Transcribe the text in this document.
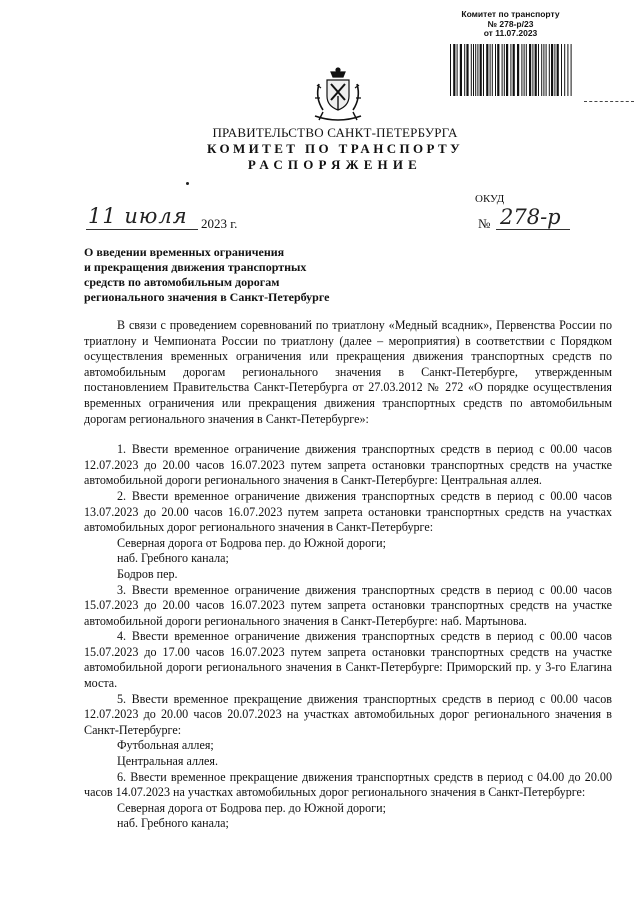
Комитет по транспорту
№ 278-р/23
от 11.07.2023
ПРАВИТЕЛЬСТВО САНКТ-ПЕТЕРБУРГА
КОМИТЕТ ПО ТРАНСПОРТУ
РАСПОРЯЖЕНИЕ
ОКУД
11 июля 2023 г.	№ 278-р
О введении временных ограничения
и прекращения движения транспортных
средств по автомобильным дорогам
регионального значения в Санкт-Петербурге

В связи с проведением соревнований по триатлону «Медный всадник», Первенства России по триатлону и Чемпионата России по триатлону (далее – мероприятия) в соответствии с Порядком осуществления временных ограничения или прекращения движения транспортных средств по автомобильным дорогам регионального значения в Санкт-Петербурге, утвержденным постановлением Правительства Санкт-Петербурга от 27.03.2012 № 272 «О порядке осуществления временных ограничения или прекращения движения транспортных средств по автомобильным дорогам регионального значения в Санкт-Петербурге»:

1. Ввести временное ограничение движения транспортных средств в период с 00.00 часов 12.07.2023 до 20.00 часов 16.07.2023 путем запрета остановки транспортных средств на участке автомобильной дороги регионального значения в Санкт-Петербурге: Центральная аллея.

2. Ввести временное ограничение движения транспортных средств в период с 00.00 часов 13.07.2023 до 20.00 часов 16.07.2023 путем запрета остановки транспортных средств на участках автомобильных дорог регионального значения в Санкт-Петербурге:

Северная дорога от Бодрова пер. до Южной дороги;

наб. Гребного канала;

Бодров пер.

3. Ввести временное ограничение движения транспортных средств в период с 00.00 часов 15.07.2023 до 20.00 часов 16.07.2023 путем запрета остановки транспортных средств на участке автомобильной дороги регионального значения в Санкт-Петербурге: наб. Мартынова.

4. Ввести временное ограничение движения транспортных средств в период с 00.00 часов 15.07.2023 до 17.00 часов 16.07.2023 путем запрета остановки транспортных средств на участке автомобильной дороги регионального значения в Санкт-Петербурге: Приморский пр. у 3-го Елагина моста.

5. Ввести временное прекращение движения транспортных средств в период с 00.00 часов 12.07.2023 до 20.00 часов 20.07.2023 на участках автомобильных дорог регионального значения в Санкт-Петербурге:

Футбольная аллея;

Центральная аллея.

6. Ввести временное прекращение движения транспортных средств в период с 04.00 до 20.00 часов 14.07.2023 на участках автомобильных дорог регионального значения в Санкт-Петербурге:

Северная дорога от Бодрова пер. до Южной дороги;

наб. Гребного канала;
